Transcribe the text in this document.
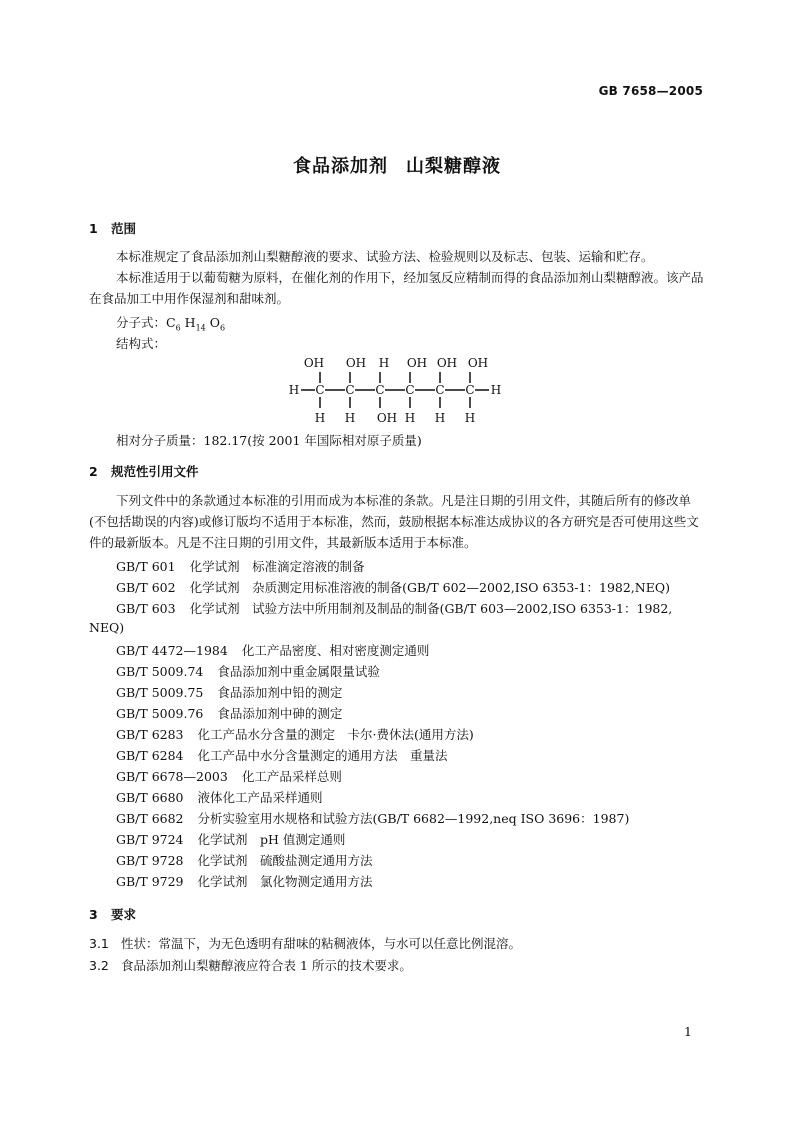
GB 7658—2005
食品添加剂 山梨糖醇液
1 范围
本标准规定了食品添加剂山梨糖醇液的要求、试验方法、检验规则以及标志、包装、运输和贮存。
本标准适用于以葡萄糖为原料，在催化剂的作用下，经加氢反应精制而得的食品添加剂山梨糖醇液。该产品在食品加工中用作保湿剂和甜味剂。
分子式：$C_6$ $H_{14}$ $O_6$
结构式：
OH OH H OH OH OH
H C C C C C C H
H H OH H H H
相对分子质量：182.17(按 2001 年国际相对原子质量)
2 规范性引用文件
下列文件中的条款通过本标准的引用而成为本标准的条款。凡是注日期的引用文件，其随后所有的修改单(不包括勘误的内容)或修订版均不适用于本标准，然而，鼓励根据本标准达成协议的各方研究是否可使用这些文件的最新版本。凡是不注日期的引用文件，其最新版本适用于本标准。
GB/T 601 化学试剂　标准滴定溶液的制备
GB/T 602 化学试剂　杂质测定用标准溶液的制备(GB/T 602—2002,ISO 6353-1：1982,NEQ)
GB/T 603 化学试剂　试验方法中所用制剂及制品的制备(GB/T 603—2002,ISO 6353-1：1982,
NEQ)
GB/T 4472—1984 化工产品密度、相对密度测定通则
GB/T 5009.74 食品添加剂中重金属限量试验
GB/T 5009.75 食品添加剂中铅的测定
GB/T 5009.76 食品添加剂中砷的测定
GB/T 6283 化工产品水分含量的测定　卡尔·费休法(通用方法)
GB/T 6284 化工产品中水分含量测定的通用方法　重量法
GB/T 6678—2003 化工产品采样总则
GB/T 6680 液体化工产品采样通则
GB/T 6682 分析实验室用水规格和试验方法(GB/T 6682—1992,neq ISO 3696：1987)
GB/T 9724 化学试剂　pH 值测定通则
GB/T 9728 化学试剂　硫酸盐测定通用方法
GB/T 9729 化学试剂　氯化物测定通用方法
3 要求
3.1 性状：常温下，为无色透明有甜味的粘稠液体，与水可以任意比例混溶。
3.2 食品添加剂山梨糖醇液应符合表 1 所示的技术要求。
1
